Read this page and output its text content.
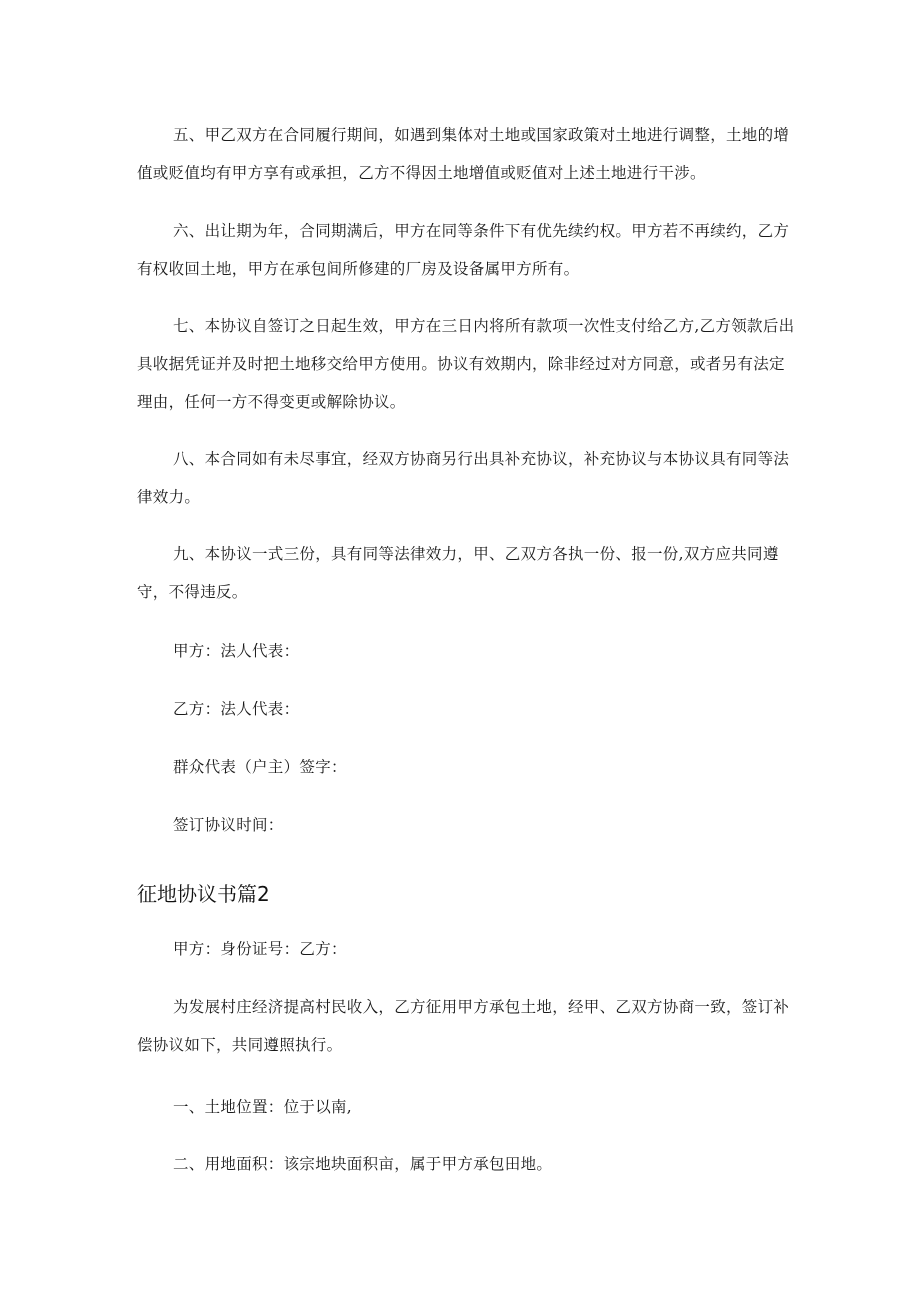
五、甲乙双方在合同履行期间，如遇到集体对土地或国家政策对土地进行调整，土地的增值或贬值均有甲方享有或承担，乙方不得因土地增值或贬值对上述土地进行干涉。

六、出让期为年，合同期满后，甲方在同等条件下有优先续约权。甲方若不再续约，乙方有权收回土地，甲方在承包间所修建的厂房及设备属甲方所有。

七、本协议自签订之日起生效，甲方在三日内将所有款项一次性支付给乙方,乙方领款后出具收据凭证并及时把土地移交给甲方使用。协议有效期内，除非经过对方同意，或者另有法定理由，任何一方不得变更或解除协议。

八、本合同如有未尽事宜，经双方协商另行出具补充协议，补充协议与本协议具有同等法律效力。

九、本协议一式三份，具有同等法律效力，甲、乙双方各执一份、报一份,双方应共同遵守，不得违反。

甲方：法人代表：

乙方：法人代表：

群众代表（户主）签字：

签订协议时间：

征地协议书篇2

甲方：身份证号：乙方：

为发展村庄经济提高村民收入，乙方征用甲方承包土地，经甲、乙双方协商一致，签订补偿协议如下，共同遵照执行。

一、土地位置：位于以南,

二、用地面积：该宗地块面积亩，属于甲方承包田地。
